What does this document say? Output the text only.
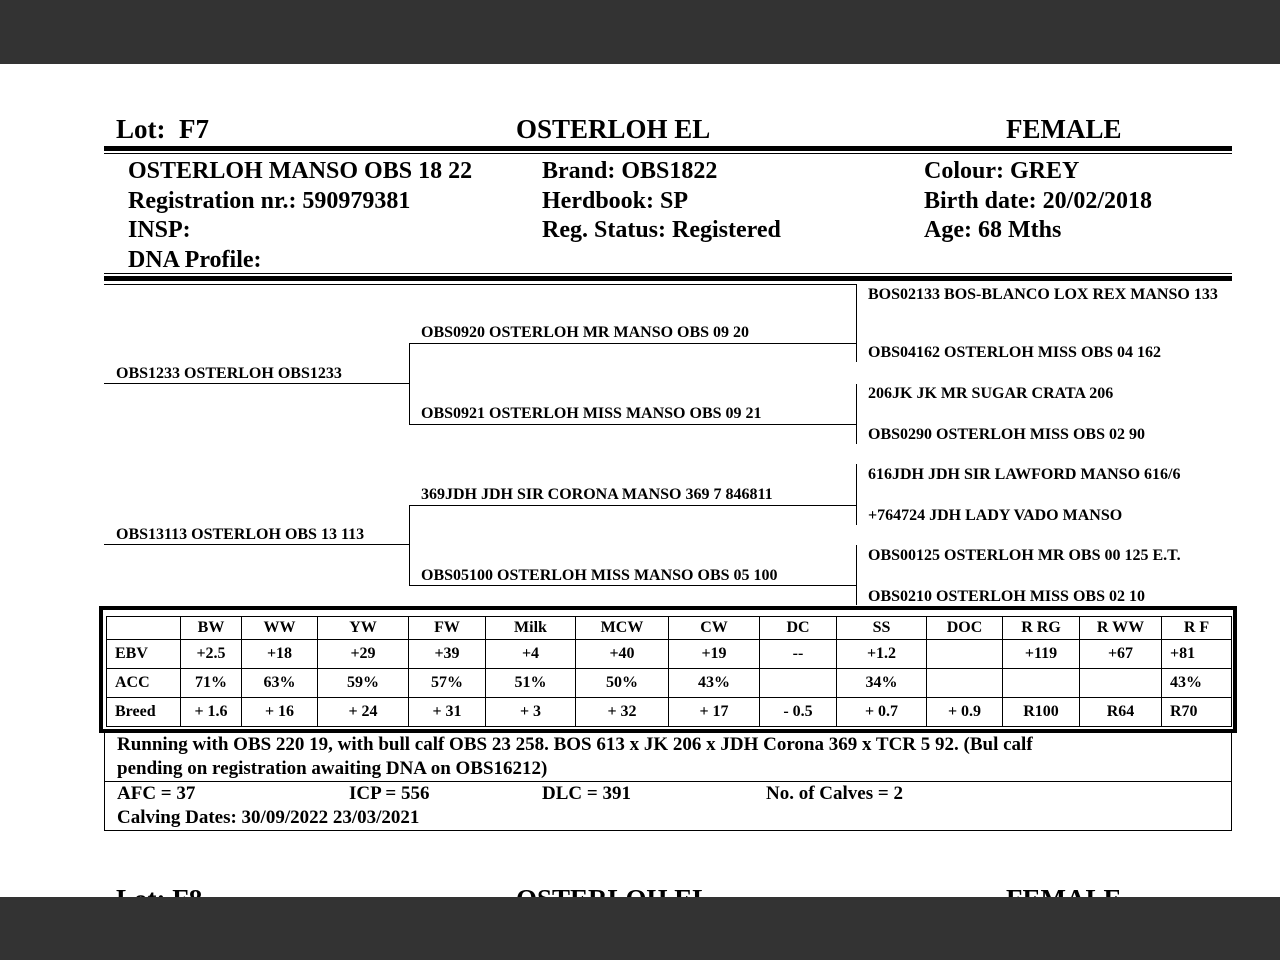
Lot: F7	OSTERLOH EL	FEMALE
OSTERLOH MANSO OBS 18 22
Registration nr.: 590979381
INSP:
DNA Profile:
Brand: OBS1822
Herdbook: SP
Reg. Status: Registered
Colour: GREY
Birth date: 20/02/2018
Age: 68 Mths
OBS1233 OSTERLOH OBS1233
OBS13113 OSTERLOH OBS 13 113
OBS0920 OSTERLOH MR MANSO OBS 09 20
OBS0921 OSTERLOH MISS MANSO OBS 09 21
369JDH JDH SIR CORONA MANSO 369 7 846811
OBS05100 OSTERLOH MISS MANSO OBS 05 100
BOS02133 BOS-BLANCO LOX REX MANSO 133
OBS04162 OSTERLOH MISS OBS 04 162
206JK JK MR SUGAR CRATA 206
OBS0290 OSTERLOH MISS OBS 02 90
616JDH JDH SIR LAWFORD MANSO 616/6
+764724 JDH LADY VADO MANSO
OBS00125 OSTERLOH MR OBS 00 125 E.T.
OBS0210 OSTERLOH MISS OBS 02 10
	BW	WW	YW	FW	Milk	MCW	CW	DC	SS	DOC	R RG	R WW	R F
EBV	+2.5	+18	+29	+39	+4	+40	+19	--	+1.2		+119	+67	+81
ACC	71%	63%	59%	57%	51%	50%	43%		34%				43%
Breed	+ 1.6	+ 16	+ 24	+ 31	+ 3	+ 32	+ 17	- 0.5	+ 0.7	+ 0.9	R100	R64	R70
Running with OBS 220 19, with bull calf OBS 23 258. BOS 613 x JK 206 x JDH Corona 369 x TCR 5 92. (Bul calf
pending on registration awaiting DNA on OBS16212)
AFC = 37	ICP = 556	DLC = 391	No. of Calves = 2
Calving Dates: 30/09/2022 23/03/2021
